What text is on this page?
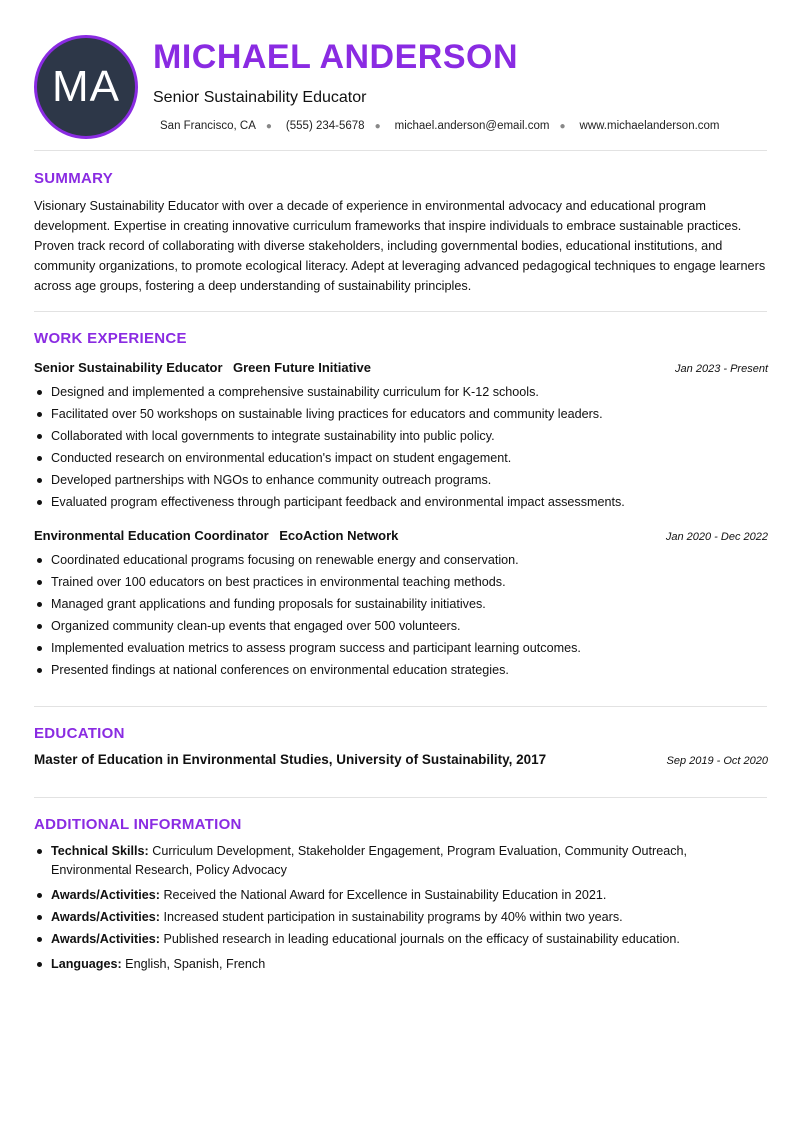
MA
MICHAEL ANDERSON
Senior Sustainability Educator
San Francisco, CA ● (555) 234-5678 ● michael.anderson@email.com ● www.michaelanderson.com
SUMMARY

Visionary Sustainability Educator with over a decade of experience in environmental advocacy and educational program development. Expertise in creating innovative curriculum frameworks that inspire individuals to embrace sustainable practices. Proven track record of collaborating with diverse stakeholders, including governmental bodies, educational institutions, and community organizations, to promote ecological literacy. Adept at leveraging advanced pedagogical techniques to engage learners across age groups, fostering a deep understanding of sustainability principles.

WORK EXPERIENCE
Senior Sustainability Educator Green Future Initiative	Jan 2023 - Present
Designed and implemented a comprehensive sustainability curriculum for K-12 schools.
Facilitated over 50 workshops on sustainable living practices for educators and community leaders.
Collaborated with local governments to integrate sustainability into public policy.
Conducted research on environmental education's impact on student engagement.
Developed partnerships with NGOs to enhance community outreach programs.
Evaluated program effectiveness through participant feedback and environmental impact assessments.
Environmental Education Coordinator EcoAction Network	Jan 2020 - Dec 2022
Coordinated educational programs focusing on renewable energy and conservation.
Trained over 100 educators on best practices in environmental teaching methods.
Managed grant applications and funding proposals for sustainability initiatives.
Organized community clean-up events that engaged over 500 volunteers.
Implemented evaluation metrics to assess program success and participant learning outcomes.
Presented findings at national conferences on environmental education strategies.
EDUCATION
Master of Education in Environmental Studies, University of Sustainability, 2017	Sep 2019 - Oct 2020
ADDITIONAL INFORMATION
Technical Skills: Curriculum Development, Stakeholder Engagement, Program Evaluation, Community Outreach, Environmental Research, Policy Advocacy
Awards/Activities: Received the National Award for Excellence in Sustainability Education in 2021.
Awards/Activities: Increased student participation in sustainability programs by 40% within two years.
Awards/Activities: Published research in leading educational journals on the efficacy of sustainability education.
Languages: English, Spanish, French
